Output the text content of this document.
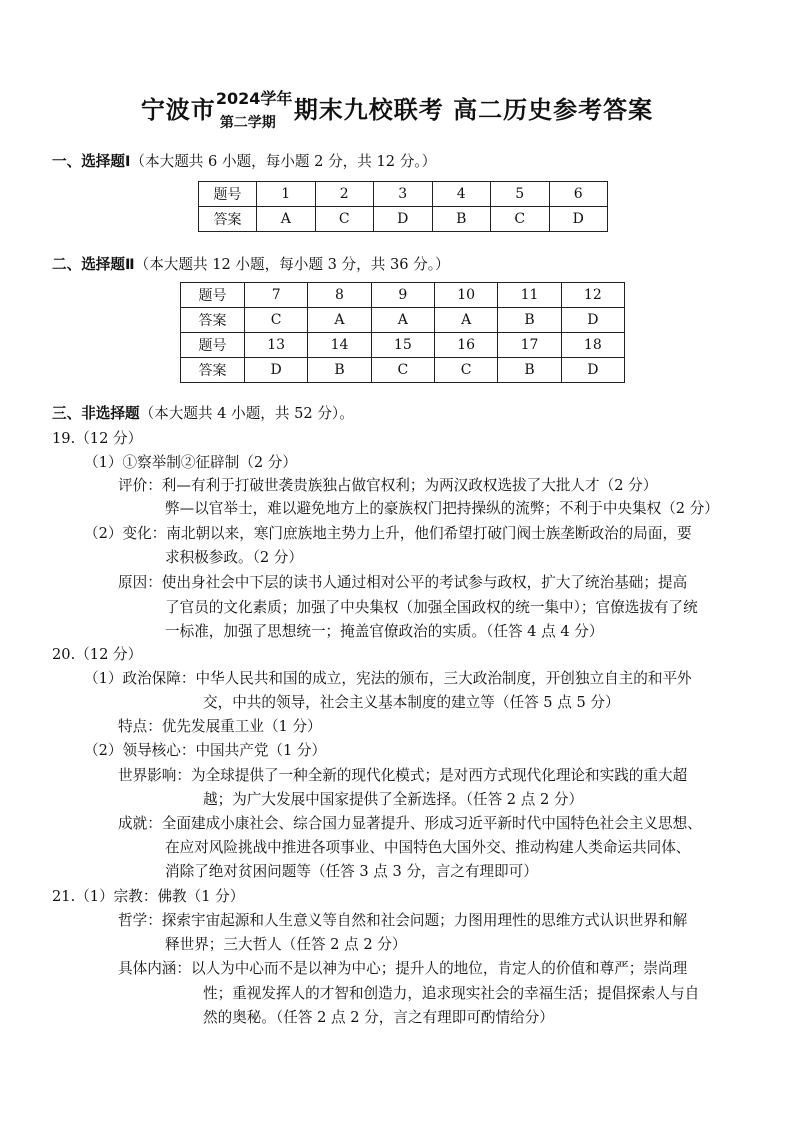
宁波市 2024学年
第二学期 期末九校联考 高二历史参考答案
一、选择题Ⅰ（本大题共 6 小题，每小题 2 分，共 12 分。）
题号	1	2	3	4	5	6
答案	A	C	D	B	C	D
二、选择题Ⅱ（本大题共 12 小题，每小题 3 分，共 36 分。）
题号	7	8	9	10	11	12
答案	C	A	A	A	B	D
题号	13	14	15	16	17	18
答案	D	B	C	C	B	D
三、非选择题（本大题共 4 小题，共 52 分）。
19.（12 分）
（1）①察举制②征辟制（2 分）
评价：利—有利于打破世袭贵族独占做官权利；为两汉政权选拔了大批人才（2 分）
弊—以官举士，难以避免地方上的豪族权门把持操纵的流弊；不利于中央集权（2 分）
（2）变化：南北朝以来，寒门庶族地主势力上升，他们希望打破门阀士族垄断政治的局面，要
求积极参政。（2 分）
原因：使出身社会中下层的读书人通过相对公平的考试参与政权，扩大了统治基础；提高
了官员的文化素质；加强了中央集权（加强全国政权的统一集中）；官僚选拔有了统
一标准，加强了思想统一；掩盖官僚政治的实质。（任答 4 点 4 分）
20.（12 分）
（1）政治保障：中华人民共和国的成立，宪法的颁布，三大政治制度，开创独立自主的和平外
交，中共的领导，社会主义基本制度的建立等（任答 5 点 5 分）
特点：优先发展重工业（1 分）
（2）领导核心：中国共产党（1 分）
世界影响：为全球提供了一种全新的现代化模式；是对西方式现代化理论和实践的重大超
越；为广大发展中国家提供了全新选择。（任答 2 点 2 分）
成就：全面建成小康社会、综合国力显著提升、形成习近平新时代中国特色社会主义思想、
在应对风险挑战中推进各项事业、中国特色大国外交、推动构建人类命运共同体、
消除了绝对贫困问题等（任答 3 点 3 分，言之有理即可）
21.（1）宗教：佛教（1 分）
哲学：探索宇宙起源和人生意义等自然和社会问题；力图用理性的思维方式认识世界和解
释世界；三大哲人（任答 2 点 2 分）
具体内涵：以人为中心而不是以神为中心；提升人的地位，肯定人的价值和尊严；崇尚理
性；重视发挥人的才智和创造力，追求现实社会的幸福生活；提倡探索人与自
然的奥秘。（任答 2 点 2 分，言之有理即可酌情给分）
